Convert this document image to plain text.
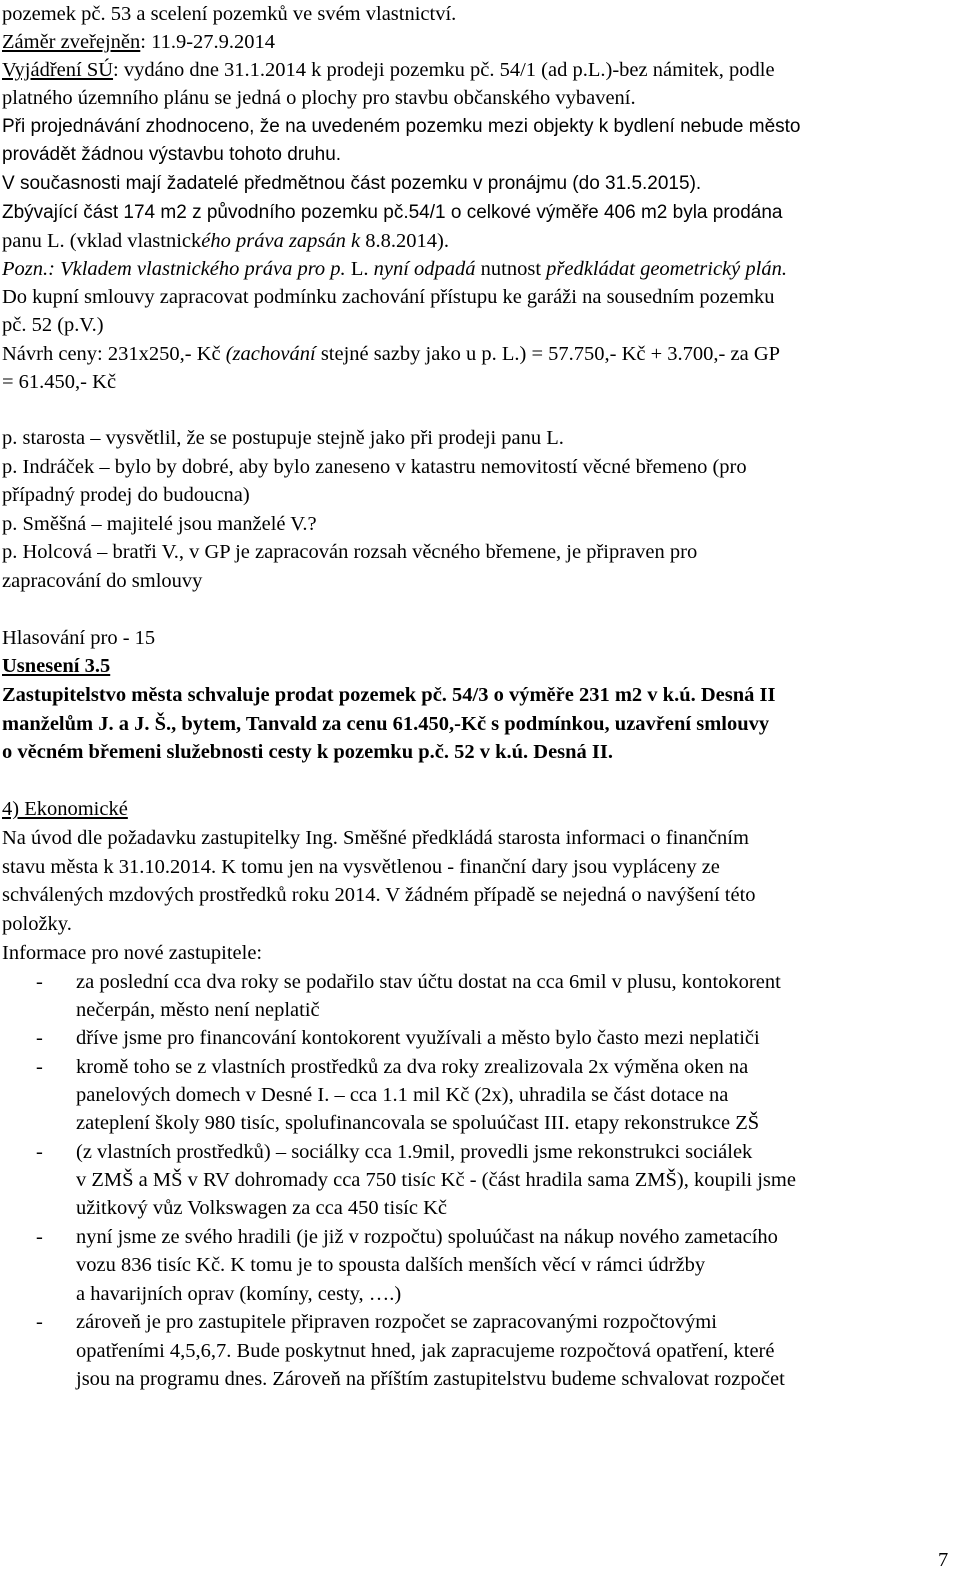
pozemek pč. 53 a scelení pozemků ve svém vlastnictví.
Záměr zveřejněn: 11.9-27.9.2014
Vyjádření SÚ: vydáno dne 31.1.2014 k prodeji pozemku pč. 54/1 (ad p.L.)-bez námitek, podle
platného územního plánu se jedná o plochy pro stavbu občanského vybavení.
Při projednávání zhodnoceno, že na uvedeném pozemku mezi objekty k bydlení nebude město
provádět žádnou výstavbu tohoto druhu.
V současnosti mají žadatelé předmětnou část pozemku v pronájmu (do 31.5.2015).
Zbývající část 174 m2 z původního pozemku pč.54/1 o celkové výměře 406 m2 byla prodána
panu L. (vklad vlastnického práva zapsán k 8.8.2014).
Pozn.: Vkladem vlastnického práva pro p. L. nyní odpadá nutnost předkládat geometrický plán.
Do kupní smlouvy zapracovat podmínku zachování přístupu ke garáži na sousedním pozemku
pč. 52 (p.V.)
Návrh ceny: 231x250,- Kč (zachování stejné sazby jako u p. L.) = 57.750,- Kč + 3.700,- za GP
= 61.450,- Kč
p. starosta – vysvětlil, že se postupuje stejně jako při prodeji panu L.
p. Indráček – bylo by dobré, aby bylo zaneseno v katastru nemovitostí věcné břemeno (pro
případný prodej do budoucna)
p. Směšná – majitelé jsou manželé V.?
p. Holcová – bratři V., v GP je zapracován rozsah věcného břemene, je připraven pro
zapracování do smlouvy
Hlasování pro - 15
Usnesení 3.5
Zastupitelstvo města schvaluje prodat pozemek pč. 54/3 o výměře 231 m2 v k.ú. Desná II
manželům J. a J. Š., bytem, Tanvald za cenu 61.450,-Kč s podmínkou, uzavření smlouvy
o věcném břemeni služebnosti cesty k pozemku p.č. 52 v k.ú. Desná II.
4) Ekonomické
Na úvod dle požadavku zastupitelky Ing. Směšné předkládá starosta informaci o finančním
stavu města k 31.10.2014. K tomu jen na vysvětlenou - finanční dary jsou vypláceny ze
schválených mzdových prostředků roku 2014. V žádném případě se nejedná o navýšení této
položky.
Informace pro nové zastupitele:
- za poslední cca dva roky se podařilo stav účtu dostat na cca 6mil v plusu, kontokorent
nečerpán, město není neplatič
- dříve jsme pro financování kontokorent využívali a město bylo často mezi neplatiči
- kromě toho se z vlastních prostředků za dva roky zrealizovala 2x výměna oken na
panelových domech v Desné I. – cca 1.1 mil Kč (2x), uhradila se část dotace na
zateplení školy 980 tisíc, spolufinancovala se spoluúčast III. etapy rekonstrukce ZŠ
- (z vlastních prostředků) – sociálky cca 1.9mil, provedli jsme rekonstrukci sociálek
v ZMŠ a MŠ v RV dohromady cca 750 tisíc Kč - (část hradila sama ZMŠ), koupili jsme
užitkový vůz Volkswagen za cca 450 tisíc Kč
- nyní jsme ze svého hradili (je již v rozpočtu) spoluúčast na nákup nového zametacího
vozu 836 tisíc Kč. K tomu je to spousta dalších menších věcí v rámci údržby
a havarijních oprav (komíny, cesty, ….)
- zároveň je pro zastupitele připraven rozpočet se zapracovanými rozpočtovými
opatřeními 4,5,6,7. Bude poskytnut hned, jak zapracujeme rozpočtová opatření, které
jsou na programu dnes. Zároveň na příštím zastupitelstvu budeme schvalovat rozpočet
7
